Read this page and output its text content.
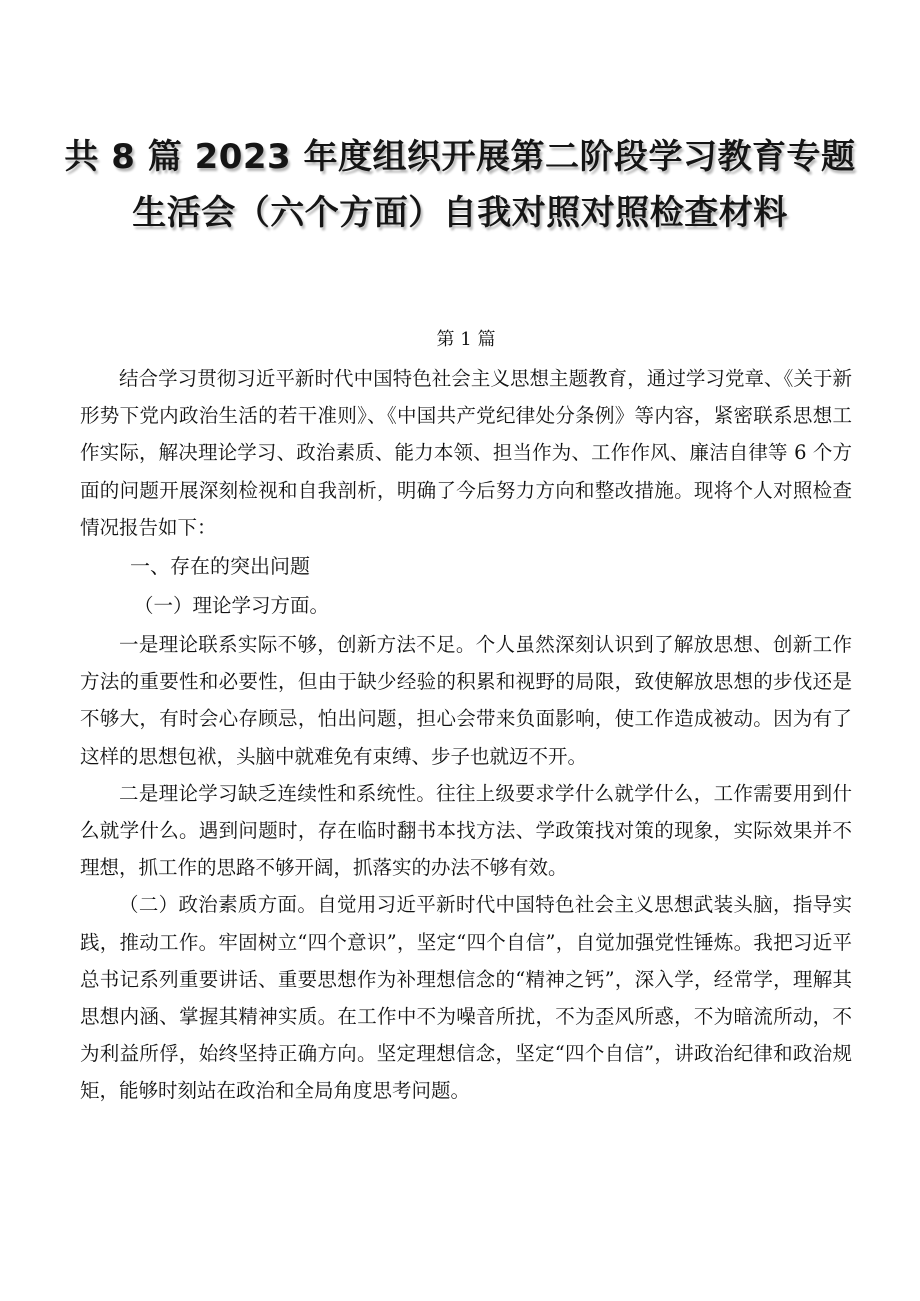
共 8 篇 2023 年度组织开展第二阶段学习教育专题
生活会（六个方面）自我对照对照检查材料
第 1 篇

结合学习贯彻习近平新时代中国特色社会主义思想主题教育，通过学习党章、《关于新形势下党内政治生活的若干准则》、《中国共产党纪律处分条例》等内容，紧密联系思想工作实际，解决理论学习、政治素质、能力本领、担当作为、工作作风、廉洁自律等 6 个方面的问题开展深刻检视和自我剖析，明确了今后努力方向和整改措施。现将个人对照检查情况报告如下：

一、存在的突出问题
（一）理论学习方面。

一是理论联系实际不够，创新方法不足。个人虽然深刻认识到了解放思想、创新工作方法的重要性和必要性，但由于缺少经验的积累和视野的局限，致使解放思想的步伐还是不够大，有时会心存顾忌，怕出问题，担心会带来负面影响，使工作造成被动。因为有了这样的思想包袱，头脑中就难免有束缚、步子也就迈不开。

二是理论学习缺乏连续性和系统性。往往上级要求学什么就学什么，工作需要用到什么就学什么。遇到问题时，存在临时翻书本找方法、学政策找对策的现象，实际效果并不理想，抓工作的思路不够开阔，抓落实的办法不够有效。

（二）政治素质方面。自觉用习近平新时代中国特色社会主义思想武装头脑，指导实践，推动工作。牢固树立“四个意识”，坚定“四个自信”，自觉加强党性锤炼。我把习近平总书记系列重要讲话、重要思想作为补理想信念的“精神之钙”，深入学，经常学，理解其思想内涵、掌握其精神实质。在工作中不为噪音所扰，不为歪风所惑，不为暗流所动，不为利益所俘，始终坚持正确方向。坚定理想信念，坚定“四个自信”，讲政治纪律和政治规矩，能够时刻站在政治和全局角度思考问题。
